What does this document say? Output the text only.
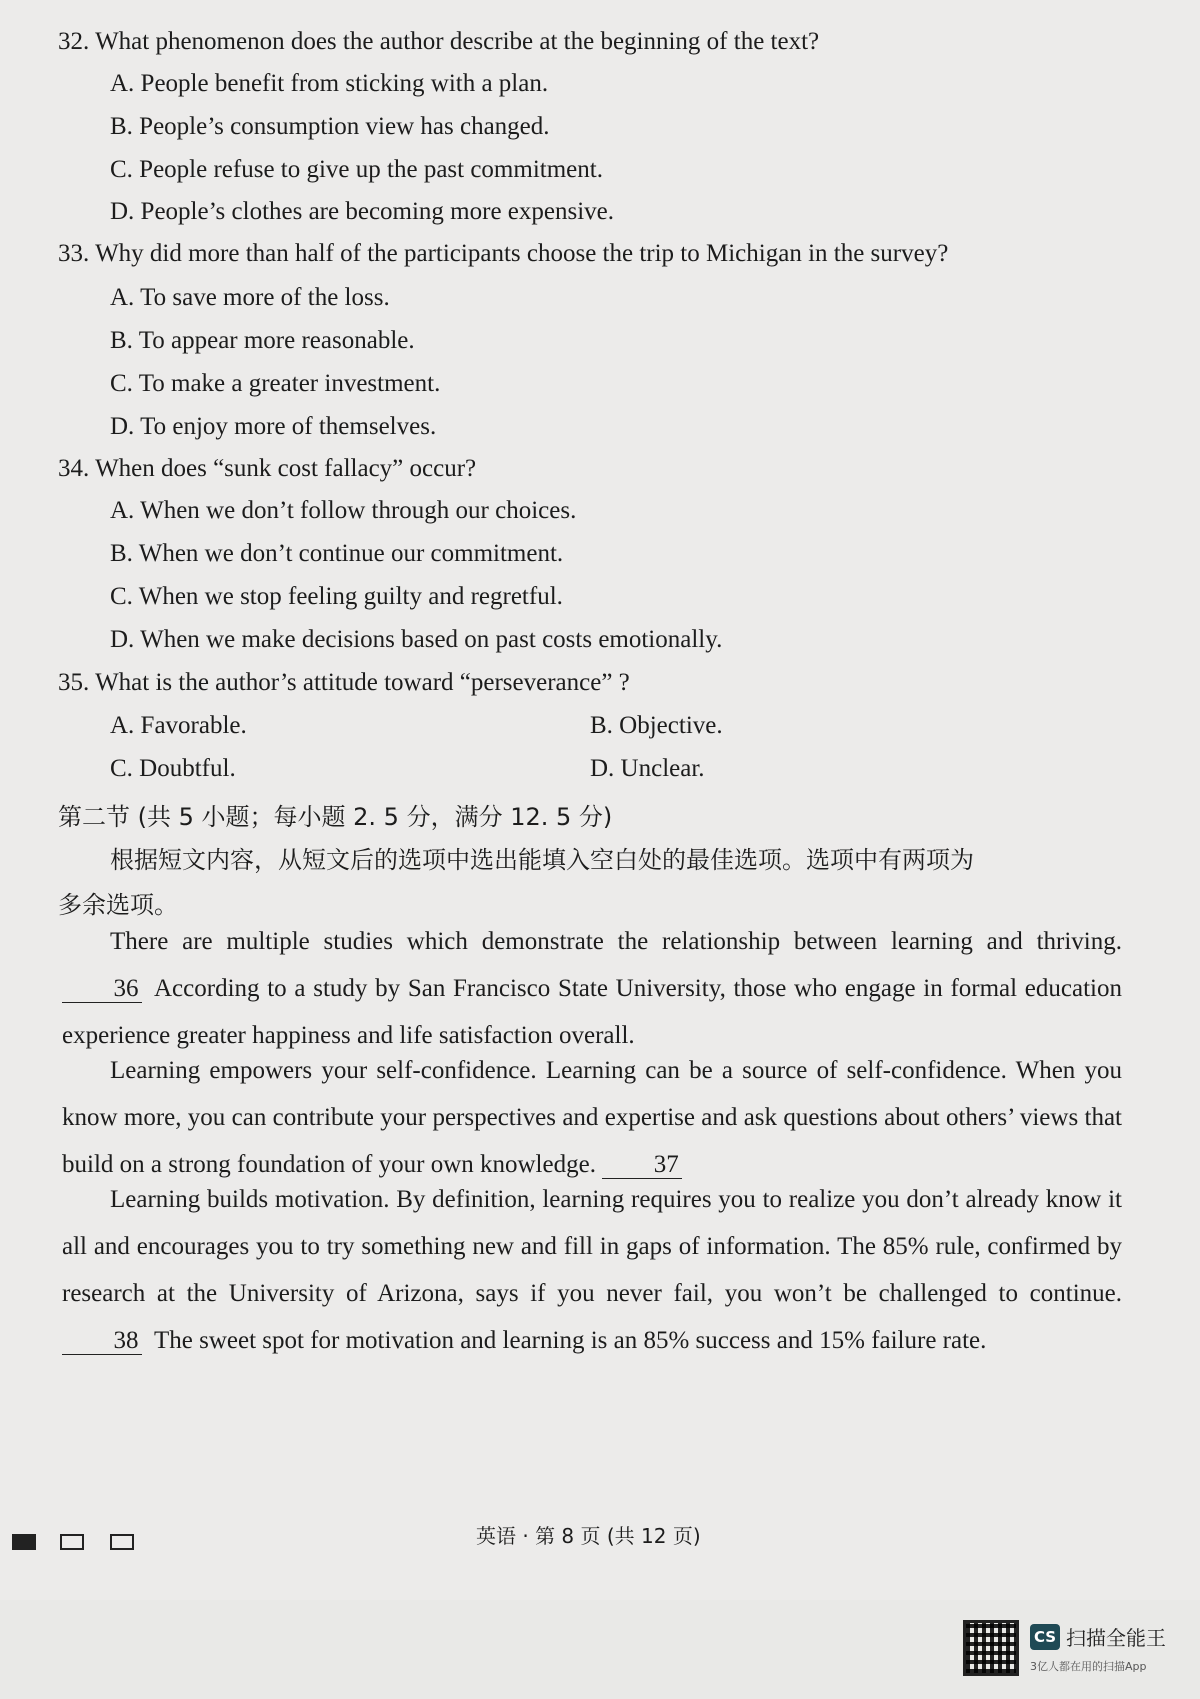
32. What phenomenon does the author describe at the beginning of the text?
A. People benefit from sticking with a plan.
B. People’s consumption view has changed.
C. People refuse to give up the past commitment.
D. People’s clothes are becoming more expensive.
33. Why did more than half of the participants choose the trip to Michigan in the survey?
A. To save more of the loss.
B. To appear more reasonable.
C. To make a greater investment.
D. To enjoy more of themselves.
34. When does “sunk cost fallacy” occur?
A. When we don’t follow through our choices.
B. When we don’t continue our commitment.
C. When we stop feeling guilty and regretful.
D. When we make decisions based on past costs emotionally.
35. What is the author’s attitude toward “perseverance” ?
A. Favorable.	B. Objective.
C. Doubtful.	D. Unclear.
第二节 (共 5 小题；每小题 2. 5 分，满分 12. 5 分)
根据短文内容，从短文后的选项中选出能填入空白处的最佳选项。选项中有两项为
多余选项。
There are multiple studies which demonstrate the relationship between learning and thriving. 36 According to a study by San Francisco State University, those who engage in formal education experience greater happiness and life satisfaction overall.
Learning empowers your self-confidence. Learning can be a source of self-confidence. When you know more, you can contribute your perspectives and expertise and ask questions about others’ views that build on a strong foundation of your own knowledge. 37
Learning builds motivation. By definition, learning requires you to realize you don’t already know it all and encourages you to try something new and fill in gaps of information. The 85% rule, confirmed by research at the University of Arizona, says if you never fail, you won’t be challenged to continue. 38 The sweet spot for motivation and learning is an 85% success and 15% failure rate.
英语 · 第 8 页 (共 12 页)
CS 扫描全能王
3亿人都在用的扫描App
